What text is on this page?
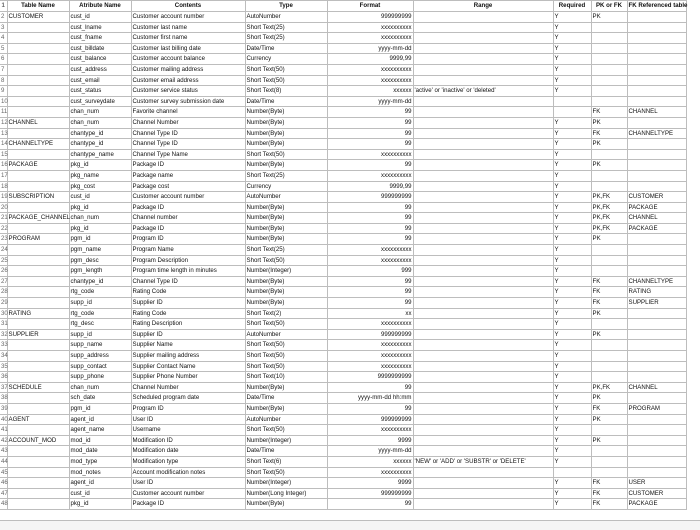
1	Table Name	Atribute Name	Contents	Type	Format	Range	Required	PK or FK	FK Referenced table
2	CUSTOMER	cust_id	Customer account number	AutoNumber	999999999		Y	PK	
3		cust_lname	Customer last name	Short Text(25)	xxxxxxxxxx		Y		
4		cust_fname	Customer first name	Short Text(25)	xxxxxxxxxx		Y		
5		cust_billdate	Customer last billing date	Date/Time	yyyy-mm-dd		Y		
6		cust_balance	Customer account balance	Currency	9999,99		Y		
7		cust_address	Customer mailing address	Short Text(50)	xxxxxxxxxx		Y		
8		cust_email	Customer email address	Short Text(50)	xxxxxxxxxx		Y		
9		cust_status	Customer service status	Short Text(8)	xxxxxx	'active' or 'inactive' or 'deleted'	Y		
10		cust_surveydate	Customer survey submission date	Date/Time	yyyy-mm-dd				
11		chan_num	Favorite channel	Number(Byte)	99			FK	CHANNEL
12	CHANNEL	chan_num	Channel Number	Number(Byte)	99		Y	PK	
13		chantype_id	Channel Type ID	Number(Byte)	99		Y	FK	CHANNELTYPE
14	CHANNELTYPE	chantype_id	Channel Type ID	Number(Byte)	99		Y	PK	
15		chantype_name	Channel Type Name	Short Text(50)	xxxxxxxxxx		Y		
16	PACKAGE	pkg_id	Package ID	Number(Byte)	99		Y	PK	
17		pkg_name	Package name	Short Text(25)	xxxxxxxxxx		Y		
18		pkg_cost	Package cost	Currency	9999,99		Y		
19	SUBSCRIPTION	cust_id	Customer account number	AutoNumber	999999999		Y	PK,FK	CUSTOMER
20		pkg_id	Package ID	Number(Byte)	99		Y	PK,FK	PACKAGE
21	PACKAGE_CHANNEL	chan_num	Channel number	Number(Byte)	99		Y	PK,FK	CHANNEL
22		pkg_id	Package ID	Number(Byte)	99		Y	PK,FK	PACKAGE
23	PROGRAM	pgm_id	Program ID	Number(Byte)	99		Y	PK	
24		pgm_name	Program Name	Short Text(25)	xxxxxxxxxx		Y		
25		pgm_desc	Program Description	Short Text(50)	xxxxxxxxxx		Y		
26		pgm_length	Program time length in minutes	Number(Integer)	999		Y		
27		chantype_id	Channel Type ID	Number(Byte)	99		Y	FK	CHANNELTYPE
28		rtg_code	Rating Code	Number(Byte)	99		Y	FK	RATING
29		supp_id	Supplier ID	Number(Byte)	99		Y	FK	SUPPLIER
30	RATING	rtg_code	Rating Code	Short Text(2)	xx		Y	PK	
31		rtg_desc	Rating Description	Short Text(50)	xxxxxxxxxx		Y		
32	SUPPLIER	supp_id	Supplier ID	AutoNumber	999999999		Y	PK	
33		supp_name	Supplier Name	Short Text(50)	xxxxxxxxxx		Y		
34		supp_address	Supplier mailing address	Short Text(50)	xxxxxxxxxx		Y		
35		supp_contact	Supplier Contact Name	Short Text(50)	xxxxxxxxxx		Y		
36		supp_phone	Supplier Phone Number	Short Text(10)	9999999999		Y		
37	SCHEDULE	chan_num	Channel Number	Number(Byte)	99		Y	PK,FK	CHANNEL
38		sch_date	Scheduled program date	Date/Time	yyyy-mm-dd hh:mm		Y	PK	
39		pgm_id	Program ID	Number(Byte)	99		Y	FK	PROGRAM
40	AGENT	agent_id	User ID	AutoNumber	999999999		Y	PK	
41		agent_name	Username	Short Text(50)	xxxxxxxxxx		Y		
42	ACCOUNT_MOD	mod_id	Modification ID	Number(Integer)	9999		Y	PK	
43		mod_date	Modification date	Date/Time	yyyy-mm-dd		Y		
44		mod_type	Modification type	Short Text(6)	xxxxxx	'NEW' or 'ADD' or 'SUBSTR' or 'DELETE'	Y		
45		mod_notes	Account modification notes	Short Text(50)	xxxxxxxxxx				
46		agent_id	User ID	Number(Integer)	9999		Y	FK	USER
47		cust_id	Customer account number	Number(Long Integer)	999999999		Y	FK	CUSTOMER
48		pkg_id	Package ID	Number(Byte)	99		Y	FK	PACKAGE
